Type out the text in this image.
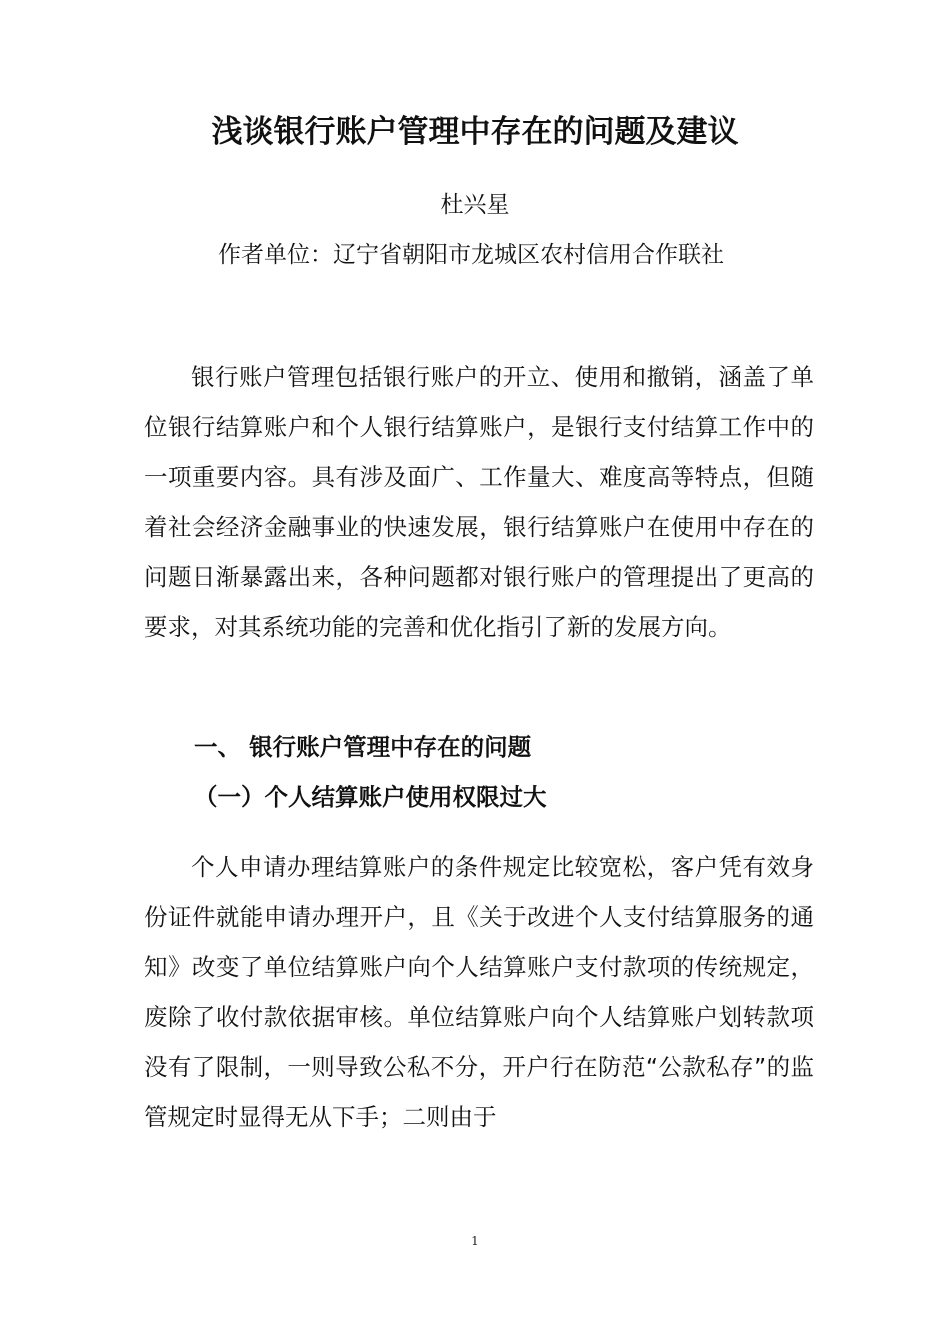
浅谈银行账户管理中存在的问题及建议
杜兴星
作者单位：辽宁省朝阳市龙城区农村信用合作联社

银行账户管理包括银行账户的开立、使用和撤销，涵盖了单位银行结算账户和个人银行结算账户，是银行支付结算工作中的一项重要内容。具有涉及面广、工作量大、难度高等特点，但随着社会经济金融事业的快速发展，银行结算账户在使用中存在的问题日渐暴露出来，各种问题都对银行账户的管理提出了更高的要求，对其系统功能的完善和优化指引了新的发展方向。

一、 银行账户管理中存在的问题
（一）个人结算账户使用权限过大

个人申请办理结算账户的条件规定比较宽松，客户凭有效身份证件就能申请办理开户，且《关于改进个人支付结算服务的通知》改变了单位结算账户向个人结算账户支付款项的传统规定，废除了收付款依据审核。单位结算账户向个人结算账户划转款项没有了限制，一则导致公私不分，开户行在防范“公款私存”的监管规定时显得无从下手；二则由于

1
